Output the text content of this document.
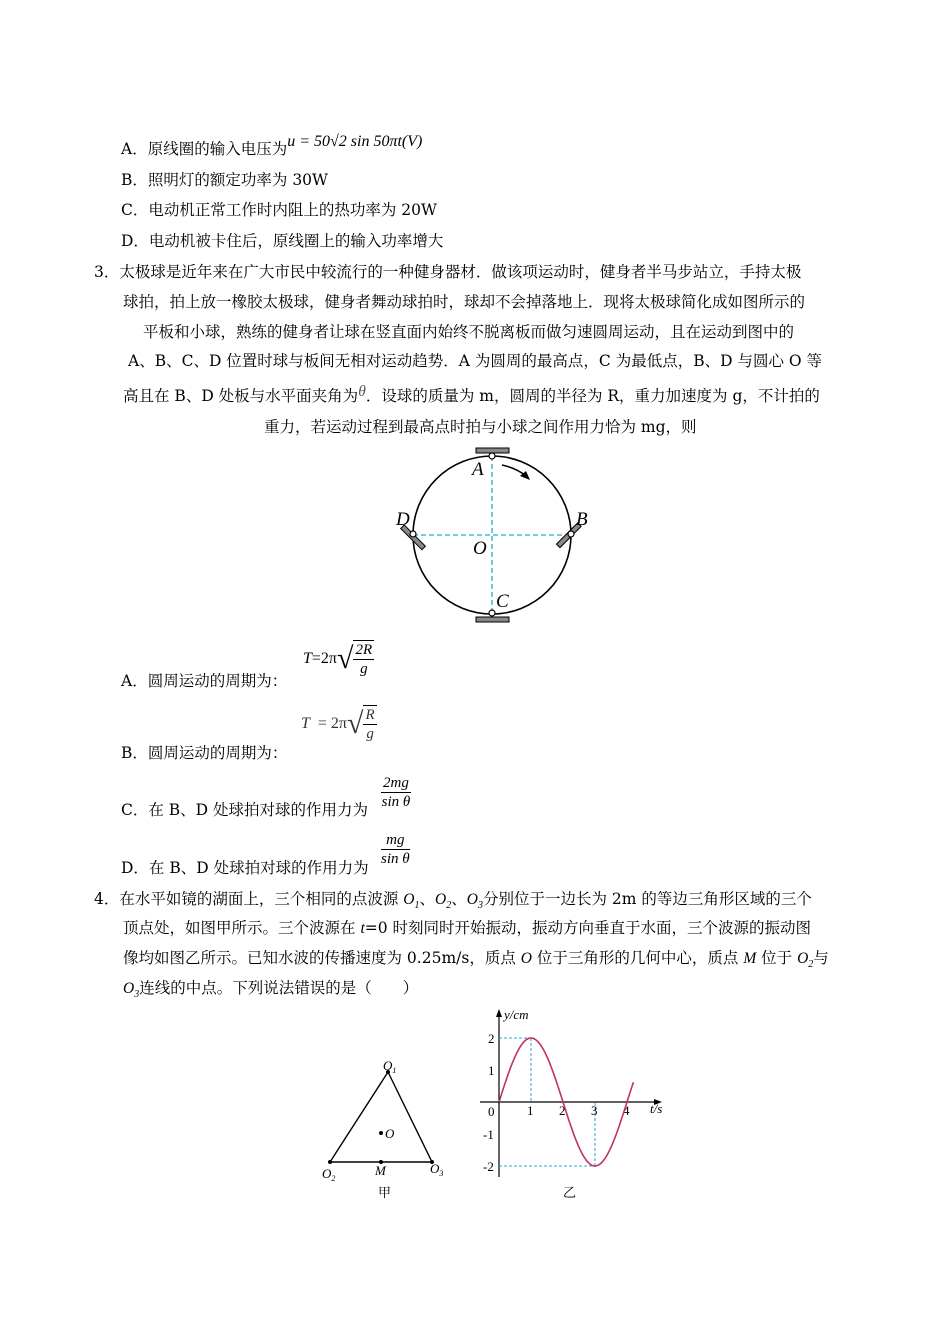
A．原线圈的输入电压为u = 50√2 sin 50πt(V)
B．照明灯的额定功率为 30W
C．电动机正常工作时内阻上的热功率为 20W
D．电动机被卡住后，原线圈上的输入功率增大
3．太极球是近年来在广大市民中较流行的一种健身器材．做该项运动时，健身者半马步站立，手持太极
球拍，拍上放一橡胶太极球，健身者舞动球拍时，球却不会掉落地上．现将太极球简化成如图所示的
平板和小球，熟练的健身者让球在竖直面内始终不脱离板而做匀速圆周运动，且在运动到图中的
A、B、C、D 位置时球与板间无相对运动趋势．A 为圆周的最高点，C 为最低点，B、D 与圆心 O 等
高且在 B、D 处板与水平面夹角为θ．设球的质量为 m，圆周的半径为 R，重力加速度为 g，不计拍的
重力，若运动过程到最高点时拍与小球之间作用力恰为 mg，则
A
B
C
D
O
A．圆周运动的周期为：
$T=2\pi√ \frac{2R}{g}$
B．圆周运动的周期为：
$T = 2\pi√ \frac{R}{g}$
C．在 B、D 处球拍对球的作用力为 $\frac{2mg}{\text{sin θ}}$
D．在 B、D 处球拍对球的作用力为 $\frac{mg}{\text{sin θ}}$
4．在水平如镜的湖面上，三个相同的点波源 $O_1$、$O_2$、$O_3$分别位于一边长为 2m 的等边三角形区域的三个
顶点处，如图甲所示。三个波源在 t=0 时刻同时开始振动，振动方向垂直于水面，三个波源的振动图
像均如图乙所示。已知水波的传播速度为 0.25m/s，质点 O 位于三角形的几何中心，质点 M 位于 $O_2$与
$O_3$连线的中点。下列说法错误的是（　　）
$O_1$
$O_2$
$O_3$
O
M
甲
y/cm
t/s
2
1
0
-1
-2
1 2 3 4
乙
